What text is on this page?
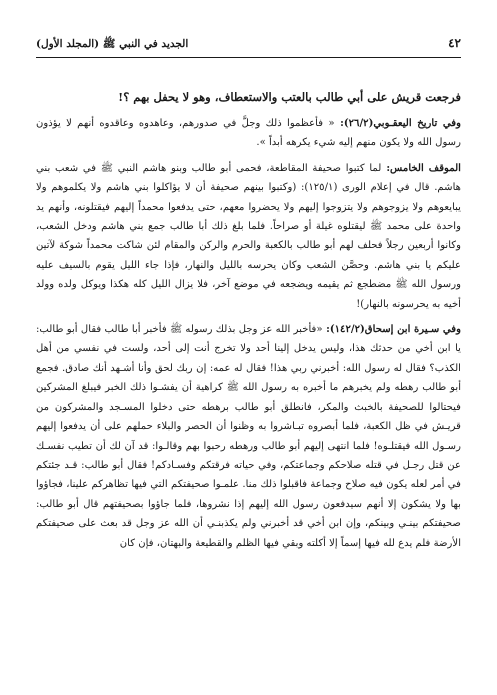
٤٢
الجديد في النبي ﷺ (المجلد الأول)
فرجعت قريش على أبي طالب بالعتب والاستعطاف، وهو لا يحفل بهم ؟!

وفي تاريخ اليعقـوبي(٢٦/٢): « فأعظموا ذلك وجلَّ في صدورهم، وعاهدوه وعاقدوه أنهم لا يؤذون رسول الله ولا يكون منهم إليه شيء يكرهه أبداً ».

الموقف الخامس: لما كتبوا صحيفة المقاطعة، فحمى أبو طالب وبنو هاشم النبي ﷺ في شعب بني هاشم. قال في إعلام الورى (١٢٥/١): (وكتبوا بينهم صحيفة أن لا يؤاكلوا بني هاشم ولا يكلموهم ولا يبايعوهم ولا يزوجوهم ولا يتزوجوا إليهم ولا يحضروا معهم، حتى يدفعوا محمداً إليهم فيقتلونه، وأنهم يد واحدة على محمد ﷺ ليقتلوه غيلة أو صراحاً. فلما بلغ ذلك أبا طالب جمع بني هاشم ودخل الشعب، وكانوا أربعين رجلاً فحلف لهم أبو طالب بالكعبة والحرم والركن والمقام لئن شاكت محمداً شوكة لآتين عليكم يا بني هاشم. وحصَّن الشعب وكان يحرسه بالليل والنهار، فإذا جاء الليل يقوم بالسيف عليه ورسول الله ﷺ مضطجع ثم يقيمه ويضجعه في موضع آخر، فلا يزال الليل كله هكذا ويوكل ولده وولد أخيه به يحرسونه بالنهار)!

وفي سـيرة ابن إسحاق(١٤٢/٢): «فأخبر الله عز وجل بذلك رسوله ﷺ فأخبر أبا طالب فقال أبو طالب: يا ابن أخي من حدثك هذا، وليس يدخل إلينا أحد ولا تخرج أنت إلى أحد، ولست في نفسي من أهل الكذب؟ فقال له رسول الله: أخبرني ربي هذا! فقال له عمه: إن ربك لحق وأنا أشـهد أنك صادق. فجمع أبو طالب رهطه ولم يخبرهم ما أخبره به رسول الله ﷺ كراهية أن يفشـوا ذلك الخبر فيبلغ المشركين فيحتالوا للصحيفة بالخبث والمكر، فانطلق أبو طالب برهطه حتى دخلوا المسـجد والمشركون من قريـش في ظل الكعبة، فلما أبصروه تبـاشروا به وظنوا أن الحصر والبلاء حملهم على أن يدفعوا إليهم رسـول الله فيقتلـوه! فلما انتهى إليهم أبو طالب ورهطه رحبوا بهم وقالـوا: قد آن لك أن تطيب نفسـك عن قتل رجـل في قتله صلاحكم وجماعتكم، وفي حياته فرقتكم وفسـادكم! فقال أبو طالب: قـد جئتكم في أمر لعله يكون فيه صلاح وجماعة فاقبلوا ذلك منا. علمـوا صحيفتكم التي فيها تظاهركم علينا، فجاؤوا بها ولا يشكون إلا أنهم سيدفعون رسول الله إليهم إذا نشروها، فلما جاؤوا بصحيفتهم قال أبو طالب: صحيفتكم بينـي وبينكم، وإن ابن أخي قد أخبرني ولم يكذبنـي أن الله عز وجل قد بعث على صحيفتكم الأرضة فلم يدع لله فيها إسماً إلا أكلته وبقي فيها الظلم والقطيعة والبهتان، فإن كان
